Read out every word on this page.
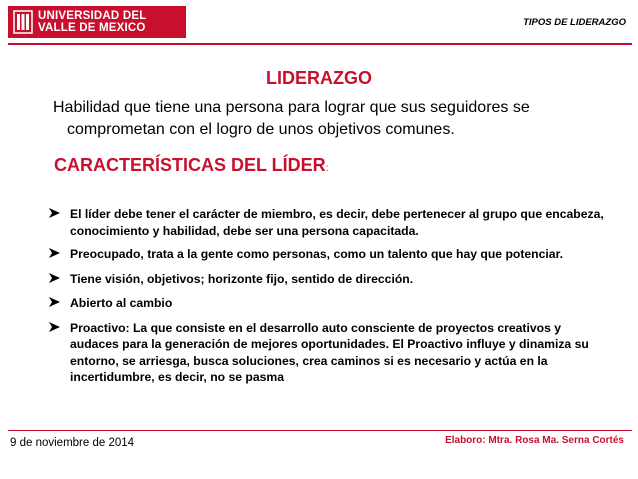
UNIVERSIDAD DEL
VALLE DE MEXICO	TIPOS DE LIDERAZGO
LIDERAZGO
Habilidad que tiene una persona para lograr que sus seguidores se comprometan con el logro de unos objetivos comunes.
CARACTERÍSTICAS DEL LÍDER:
El líder debe tener el carácter de miembro, es decir, debe pertenecer al grupo que encabeza, conocimiento y habilidad, debe ser una persona capacitada.
Preocupado, trata a la gente como personas, como un talento que hay que potenciar.
Tiene visión, objetivos; horizonte fijo, sentido de dirección.
Abierto al cambio
Proactivo: La que consiste en el desarrollo auto consciente de proyectos creativos y audaces para la generación de mejores oportunidades. El Proactivo influye y dinamiza su entorno, se arriesga, busca soluciones, crea caminos si es necesario y actúa en la incertidumbre, es decir, no se pasma
9 de noviembre de 2014	Elaboro: Mtra. Rosa Ma. Serna Cortés
